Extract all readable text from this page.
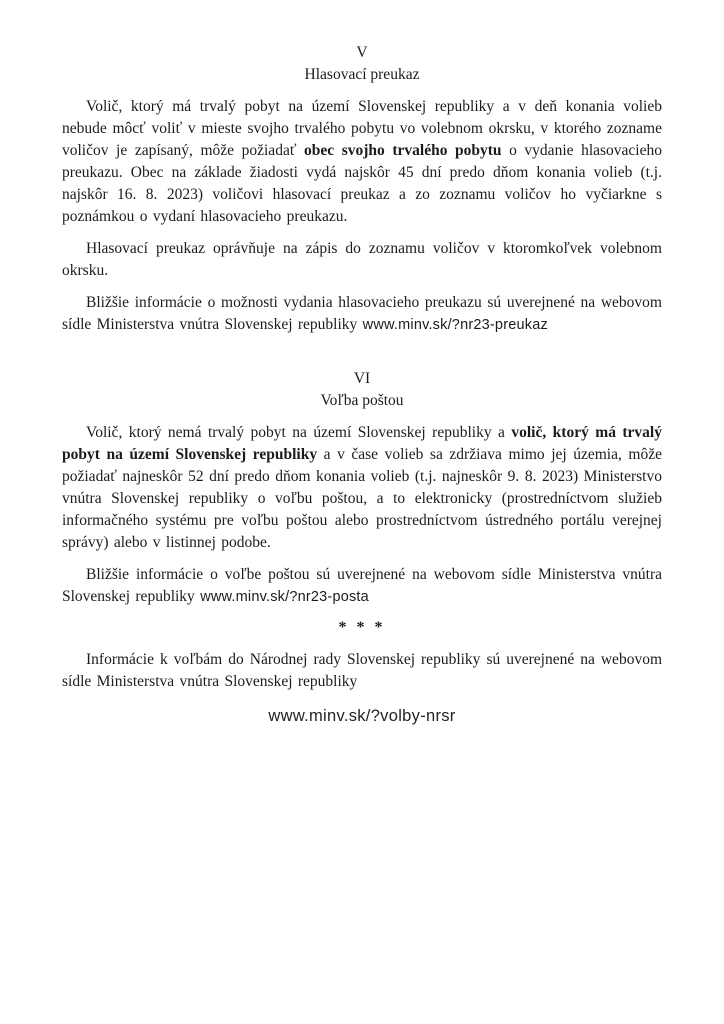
V
Hlasovací preukaz

Volič, ktorý má trvalý pobyt na území Slovenskej republiky a v deň konania volieb nebude môcť voliť v mieste svojho trvalého pobytu vo volebnom okrsku, v ktorého zozname voličov je zapísaný, môže požiadať obec svojho trvalého pobytu o vydanie hlasovacieho preukazu. Obec na základe žiadosti vydá najskôr 45 dní predo dňom konania volieb (t.j. najskôr 16. 8. 2023) voličovi hlasovací preukaz a zo zoznamu voličov ho vyčiarkne s poznámkou o vydaní hlasovacieho preukazu.

Hlasovací preukaz oprávňuje na zápis do zoznamu voličov v ktoromkoľvek volebnom okrsku.

Bližšie informácie o možnosti vydania hlasovacieho preukazu sú uverejnené na webovom sídle Ministerstva vnútra Slovenskej republiky www.minv.sk/?nr23-preukaz

VI
Voľba poštou

Volič, ktorý nemá trvalý pobyt na území Slovenskej republiky a volič, ktorý má trvalý pobyt na území Slovenskej republiky a v čase volieb sa zdržiava mimo jej územia, môže požiadať najneskôr 52 dní predo dňom konania volieb (t.j. najneskôr 9. 8. 2023) Ministerstvo vnútra Slovenskej republiky o voľbu poštou, a to elektronicky (prostredníctvom služieb informačného systému pre voľbu poštou alebo prostredníctvom ústredného portálu verejnej správy) alebo v listinnej podobe.

Bližšie informácie o voľbe poštou sú uverejnené na webovom sídle Ministerstva vnútra Slovenskej republiky www.minv.sk/?nr23-posta

* * *

Informácie k voľbám do Národnej rady Slovenskej republiky sú uverejnené na webovom sídle Ministerstva vnútra Slovenskej republiky

www.minv.sk/?volby-nrsr
